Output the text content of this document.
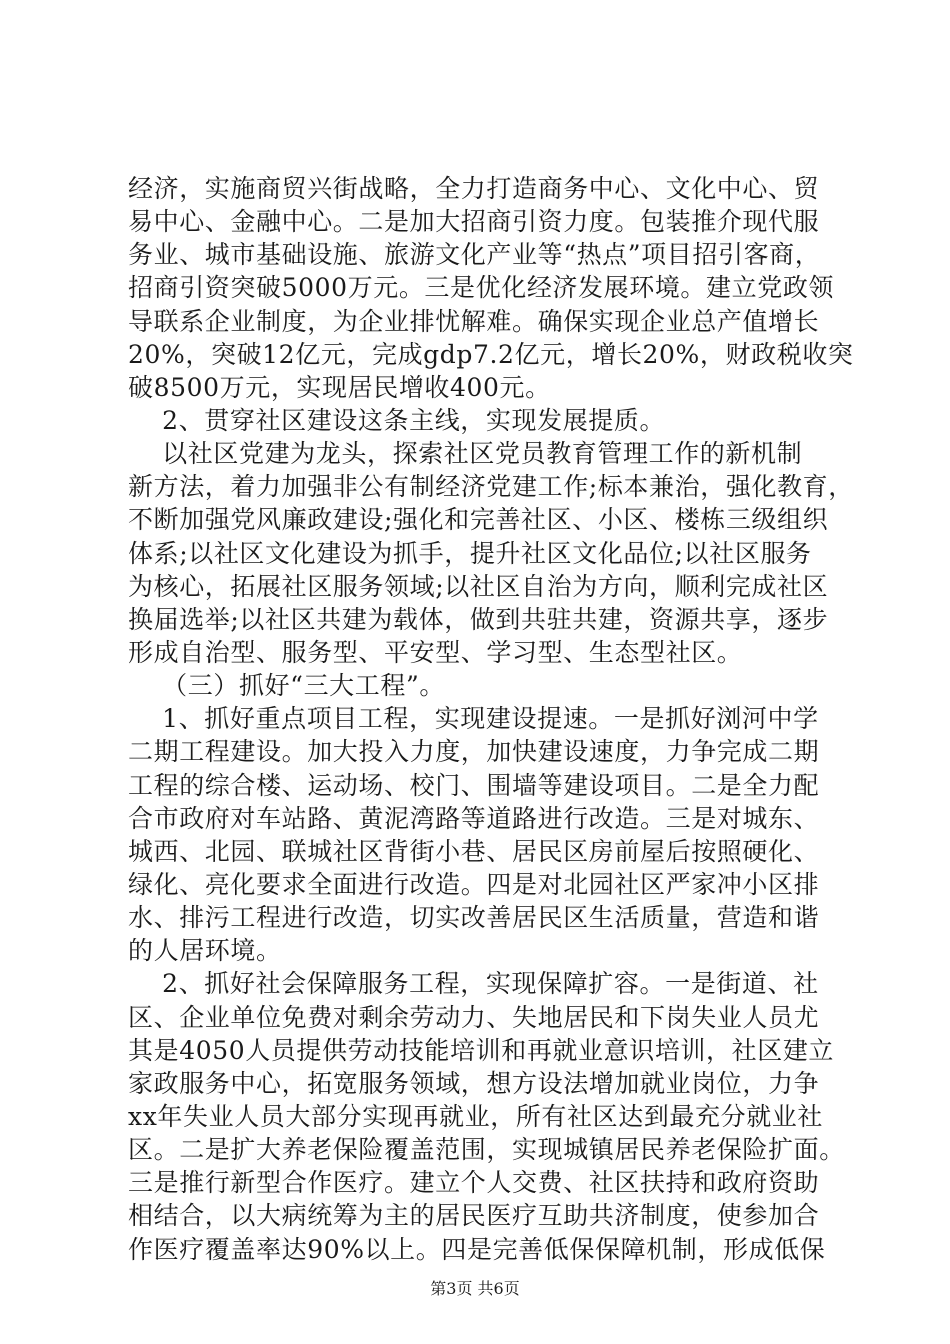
经济，实施商贸兴街战略，全力打造商务中心、文化中心、贸
易中心、金融中心。二是加大招商引资力度。包装推介现代服
务业、城市基础设施、旅游文化产业等“热点”项目招引客商，
招商引资突破5000万元。三是优化经济发展环境。建立党政领
导联系企业制度，为企业排忧解难。确保实现企业总产值增长
20%，突破12亿元，完成gdp7.2亿元，增长20%，财政税收突
破8500万元，实现居民增收400元。
2、贯穿社区建设这条主线，实现发展提质。
以社区党建为龙头，探索社区党员教育管理工作的新机制
新方法，着力加强非公有制经济党建工作;标本兼治，强化教育，
不断加强党风廉政建设;强化和完善社区、小区、楼栋三级组织
体系;以社区文化建设为抓手，提升社区文化品位;以社区服务
为核心，拓展社区服务领域;以社区自治为方向，顺利完成社区
换届选举;以社区共建为载体，做到共驻共建，资源共享，逐步
形成自治型、服务型、平安型、学习型、生态型社区。
（三）抓好“三大工程”。
1、抓好重点项目工程，实现建设提速。一是抓好浏河中学
二期工程建设。加大投入力度，加快建设速度，力争完成二期
工程的综合楼、运动场、校门、围墙等建设项目。二是全力配
合市政府对车站路、黄泥湾路等道路进行改造。三是对城东、
城西、北园、联城社区背街小巷、居民区房前屋后按照硬化、
绿化、亮化要求全面进行改造。四是对北园社区严家冲小区排
水、排污工程进行改造，切实改善居民区生活质量，营造和谐
的人居环境。
2、抓好社会保障服务工程，实现保障扩容。一是街道、社
区、企业单位免费对剩余劳动力、失地居民和下岗失业人员尤
其是4050人员提供劳动技能培训和再就业意识培训，社区建立
家政服务中心，拓宽服务领域，想方设法增加就业岗位，力争
xx年失业人员大部分实现再就业，所有社区达到最充分就业社
区。二是扩大养老保险覆盖范围，实现城镇居民养老保险扩面。
三是推行新型合作医疗。建立个人交费、社区扶持和政府资助
相结合，以大病统筹为主的居民医疗互助共济制度，使参加合
作医疗覆盖率达90%以上。四是完善低保保障机制，形成低保
第3页 共6页
